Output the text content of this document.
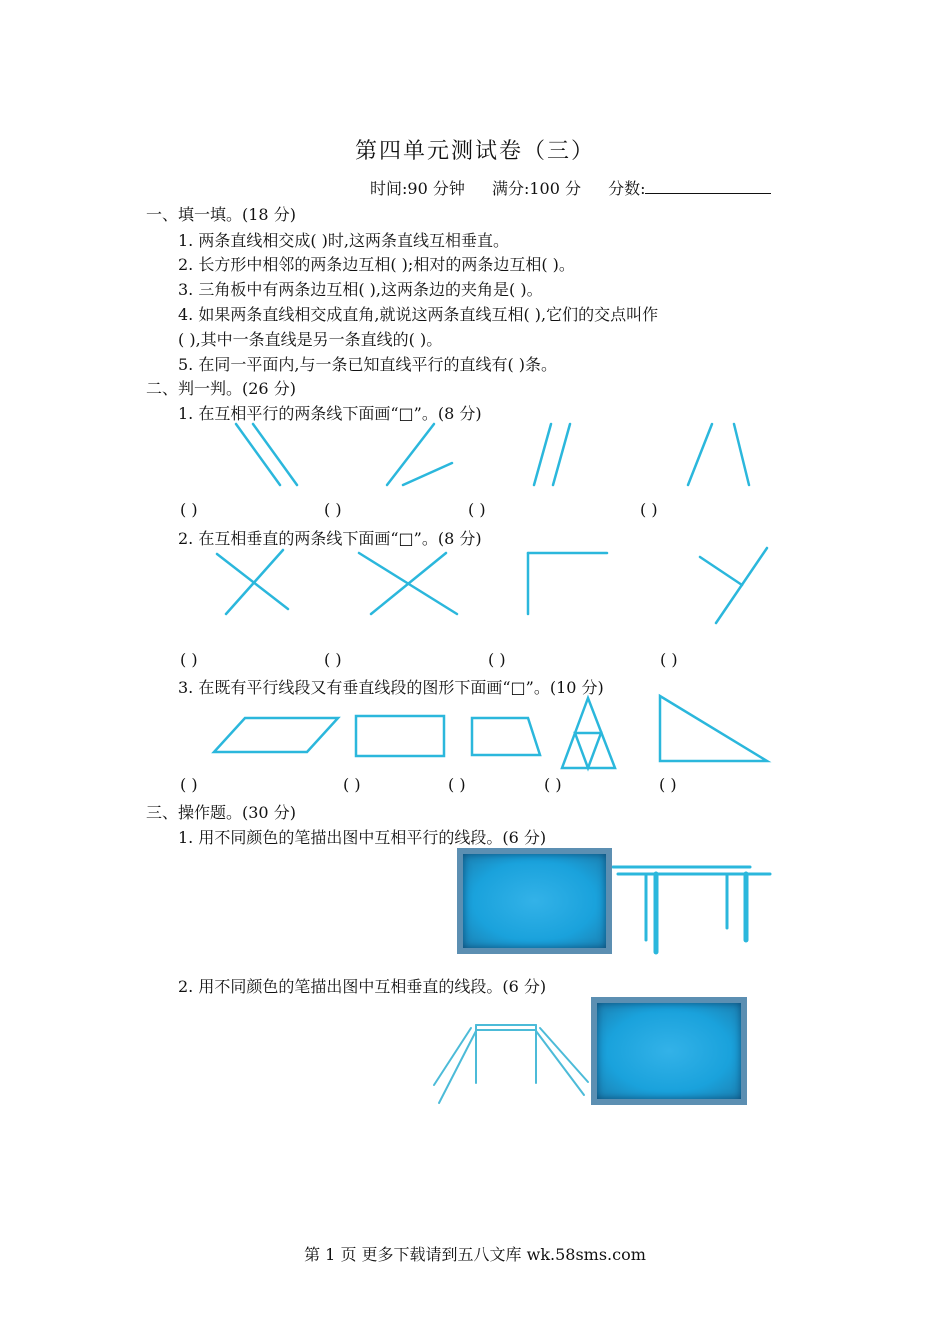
第四单元测试卷（三）
时间:90 分钟 满分:100 分 分数:
一、填一填。(18 分)
1. 两条直线相交成( )时,这两条直线互相垂直。
2. 长方形中相邻的两条边互相( );相对的两条边互相( )。
3. 三角板中有两条边互相( ),这两条边的夹角是( )。
4. 如果两条直线相交成直角,就说这两条直线互相( ),它们的交点叫作
( ),其中一条直线是另一条直线的( )。
5. 在同一平面内,与一条已知直线平行的直线有( )条。
二、判一判。(26 分)
1. 在互相平行的两条线下面画“□”。(8 分)
( )	( )	( )	( )
2. 在互相垂直的两条线下面画“□”。(8 分)
( )	( )	( )	( )
3. 在既有平行线段又有垂直线段的图形下面画“□”。(10 分)
( )	( )	( )	( )	( )
三、操作题。(30 分)
1. 用不同颜色的笔描出图中互相平行的线段。(6 分)
2. 用不同颜色的笔描出图中互相垂直的线段。(6 分)
第 1 页 更多下载请到五八文库 wk.58sms.com
